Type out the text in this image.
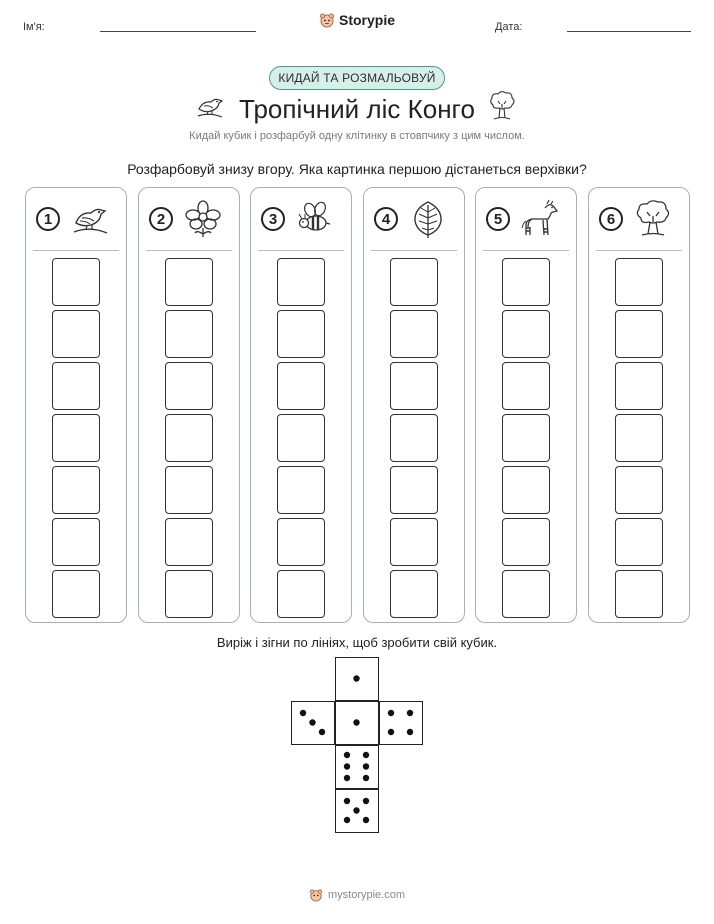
Ім'я:	Storypie	Дата:
КИДАЙ ТА РОЗМАЛЬОВУЙ
Тропічний ліс Конго
Кидай кубик і розфарбуй одну клітинку в стовпчику з цим числом.
Розфарбовуй знизу вгору. Яка картинка першою дістанеться верхівки?
1	2	3	4	5	6
Виріж і зігни по лініях, щоб зробити свій кубик.
mystorypie.com
